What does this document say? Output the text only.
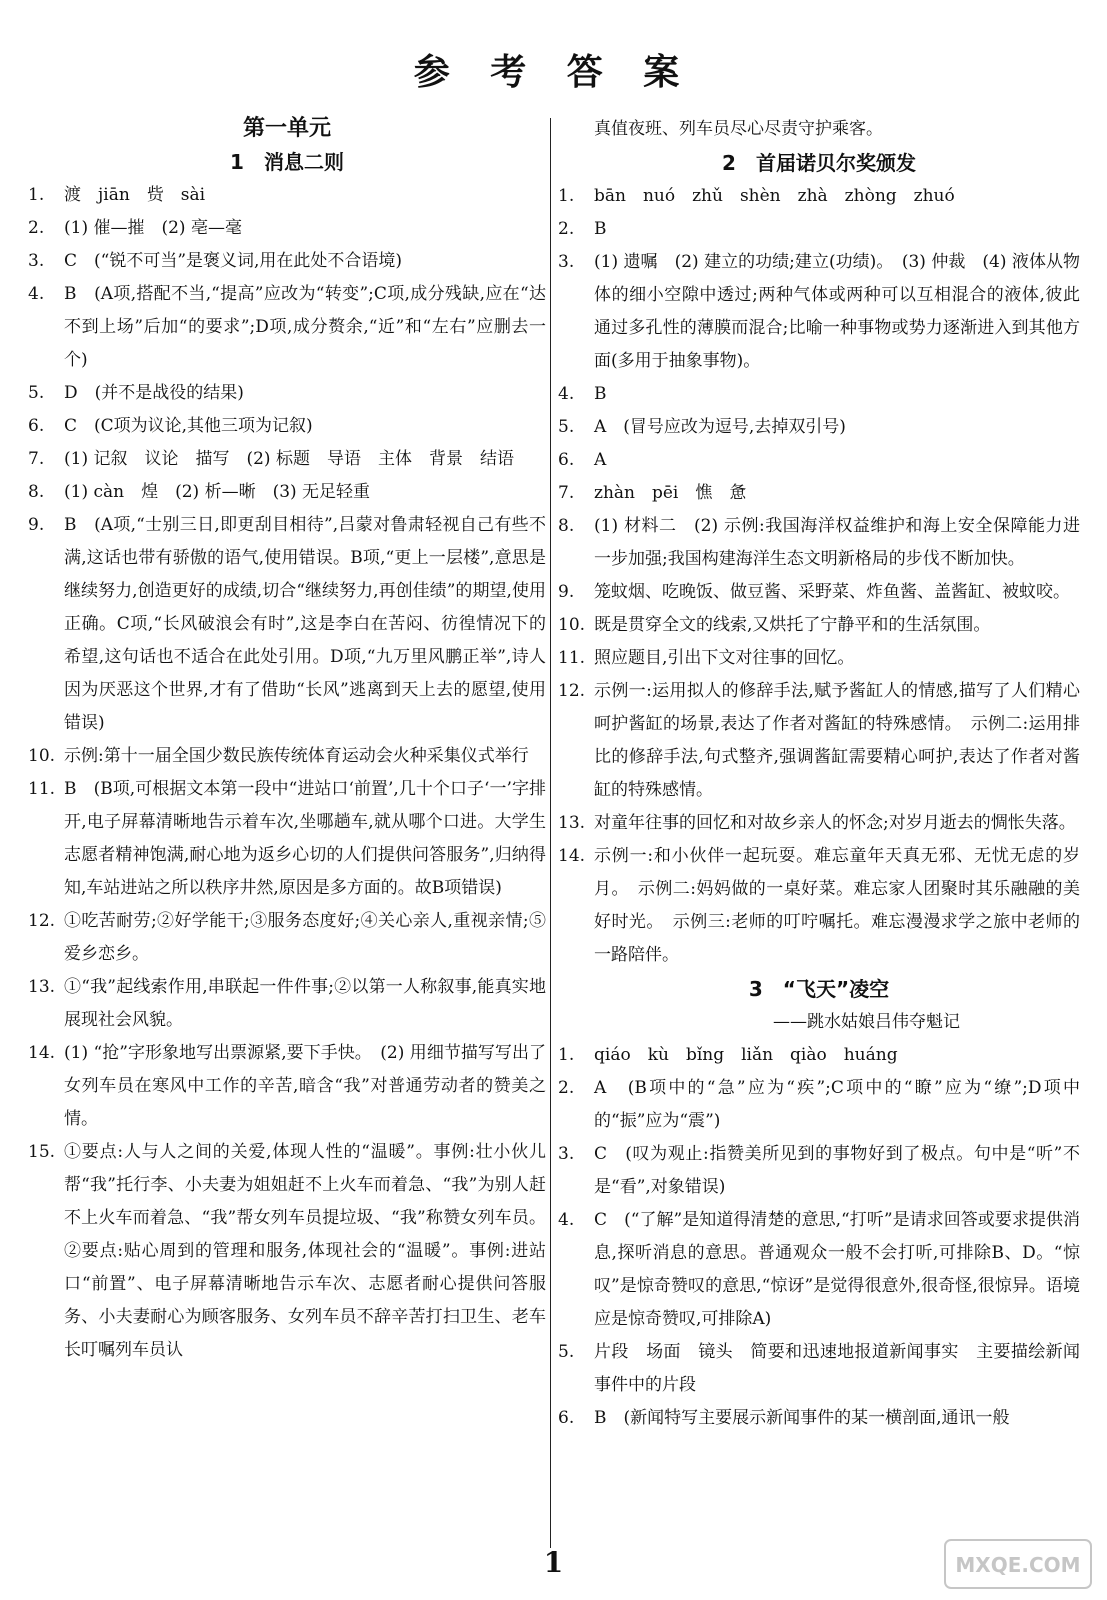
参 考 答 案
第一单元
1　消息二则
1.	渡　jiān　赀　sài
2.	(1) 催—摧　(2) 亳—毫
3.	C　(“锐不可当”是褒义词,用在此处不合语境)
4.	B　(A项,搭配不当,“提高”应改为“转变”;C项,成分残缺,应在“达不到上场”后加“的要求”;D项,成分赘余,“近”和“左右”应删去一个)
5.	D　(并不是战役的结果)
6.	C　(C项为议论,其他三项为记叙)
7.	(1) 记叙　议论　描写　(2) 标题　导语　主体　背景　结语
8.	(1) càn　煌　(2) 析—晰　(3) 无足轻重
9.	B　(A项,“士别三日,即更刮目相待”,吕蒙对鲁肃轻视自己有些不满,这话也带有骄傲的语气,使用错误。B项,“更上一层楼”,意思是继续努力,创造更好的成绩,切合“继续努力,再创佳绩”的期望,使用正确。C项,“长风破浪会有时”,这是李白在苦闷、彷徨情况下的希望,这句话也不适合在此处引用。D项,“九万里风鹏正举”,诗人因为厌恶这个世界,才有了借助“长风”逃离到天上去的愿望,使用错误)
10. 示例:第十一届全国少数民族传统体育运动会火种采集仪式举行
11. B　(B项,可根据文本第一段中“进站口‘前置’,几十个口子‘一’字排开,电子屏幕清晰地告示着车次,坐哪趟车,就从哪个口进。大学生志愿者精神饱满,耐心地为返乡心切的人们提供问答服务”,归纳得知,车站进站之所以秩序井然,原因是多方面的。故B项错误)
12. ①吃苦耐劳;②好学能干;③服务态度好;④关心亲人,重视亲情;⑤爱乡恋乡。
13. ①“我”起线索作用,串联起一件件事;②以第一人称叙事,能真实地展现社会风貌。
14. (1) “抢”字形象地写出票源紧,要下手快。　(2) 用细节描写写出了女列车员在寒风中工作的辛苦,暗含“我”对普通劳动者的赞美之情。
15. ①要点:人与人之间的关爱,体现人性的“温暖”。事例:壮小伙儿帮“我”托行李、小夫妻为姐姐赶不上火车而着急、“我”为别人赶不上火车而着急、“我”帮女列车员提垃圾、“我”称赞女列车员。②要点:贴心周到的管理和服务,体现社会的“温暖”。事例:进站口“前置”、电子屏幕清晰地告示车次、志愿者耐心提供问答服务、小夫妻耐心为顾客服务、女列车员不辞辛苦打扫卫生、老车长叮嘱列车员认
真值夜班、列车员尽心尽责守护乘客。
2　首届诺贝尔奖颁发
1.	bān　nuó　zhǔ　shèn　zhà　zhòng　zhuó
2.	B
3.	(1) 遗嘱　(2) 建立的功绩;建立(功绩)。　(3) 仲裁　(4) 液体从物体的细小空隙中透过;两种气体或两种可以互相混合的液体,彼此通过多孔性的薄膜而混合;比喻一种事物或势力逐渐进入到其他方面(多用于抽象事物)。
4.	B
5.	A　(冒号应改为逗号,去掉双引号)
6.	A
7.	zhàn　pēi　憔　惫
8.	(1) 材料二　(2) 示例:我国海洋权益维护和海上安全保障能力进一步加强;我国构建海洋生态文明新格局的步伐不断加快。
9.	笼蚊烟、吃晚饭、做豆酱、采野菜、炸鱼酱、盖酱缸、被蚊咬。
10. 既是贯穿全文的线索,又烘托了宁静平和的生活氛围。
11. 照应题目,引出下文对往事的回忆。
12. 示例一:运用拟人的修辞手法,赋予酱缸人的情感,描写了人们精心呵护酱缸的场景,表达了作者对酱缸的特殊感情。　示例二:运用排比的修辞手法,句式整齐,强调酱缸需要精心呵护,表达了作者对酱缸的特殊感情。
13. 对童年往事的回忆和对故乡亲人的怀念;对岁月逝去的惆怅失落。
14. 示例一:和小伙伴一起玩耍。难忘童年天真无邪、无忧无虑的岁月。　示例二:妈妈做的一桌好菜。难忘家人团聚时其乐融融的美好时光。　示例三:老师的叮咛嘱托。难忘漫漫求学之旅中老师的一路陪伴。
3　“飞天”凌空
——跳水姑娘吕伟夺魁记
1.	qiáo　kù　bǐng　liǎn　qiào　huáng
2.	A　(B项中的“急”应为“疾”;C项中的“瞭”应为“缭”;D项中的“振”应为“震”)
3.	C　(叹为观止:指赞美所见到的事物好到了极点。句中是“听”不是“看”,对象错误)
4.	C　(“了解”是知道得清楚的意思,“打听”是请求回答或要求提供消息,探听消息的意思。普通观众一般不会打听,可排除B、D。“惊叹”是惊奇赞叹的意思,“惊讶”是觉得很意外,很奇怪,很惊异。语境应是惊奇赞叹,可排除A)
5.	片段　场面　镜头　简要和迅速地报道新闻事实　主要描绘新闻事件中的片段
6.	B　(新闻特写主要展示新闻事件的某一横剖面,通讯一般
1	MXQE.COM
